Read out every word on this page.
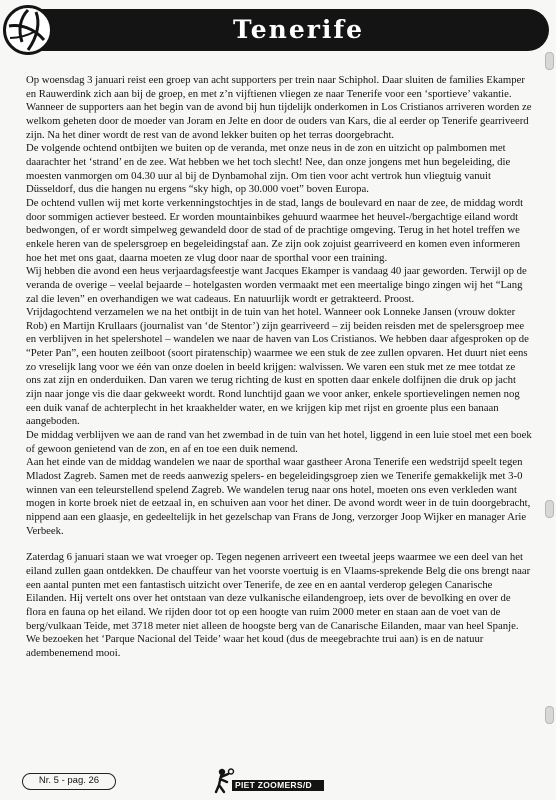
Tenerife

Op woensdag 3 januari reist een groep van acht supporters per trein naar Schiphol. Daar sluiten de families Ekamper en Rauwerdink zich aan bij de groep, en met z’n vijftienen vliegen ze naar Tenerife voor een ‘sportieve’ vakantie. Wanneer de supporters aan het begin van de avond bij hun tijdelijk onderkomen in Los Cristianos arriveren worden ze welkom geheten door de moeder van Joram en Jelte en door de ouders van Kars, die al eerder op Tenerife gearriveerd zijn. Na het diner wordt de rest van de avond lekker buiten op het terras doorgebracht.

De volgende ochtend ontbijten we buiten op de veranda, met onze neus in de zon en uitzicht op palmbomen met daarachter het ‘strand’ en de zee. Wat hebben we het toch slecht! Nee, dan onze jongens met hun begeleiding, die moesten vanmorgen om 04.30 uur al bij de Dynbamohal zijn. Om tien voor acht vertrok hun vliegtuig vanuit Düsseldorf, dus die hangen nu ergens “sky high, op 30.000 voet” boven Europa.

De ochtend vullen wij met korte verkenningstochtjes in de stad, langs de boulevard en naar de zee, de middag wordt door sommigen actiever besteed. Er worden mountainbikes gehuurd waarmee het heuvel-/bergachtige eiland wordt bedwongen, of er wordt simpelweg gewandeld door de stad of de prachtige omgeving. Terug in het hotel treffen we enkele heren van de spelersgroep en begeleidingstaf aan. Ze zijn ook zojuist gearriveerd en komen even informeren hoe het met ons gaat, daarna moeten ze vlug door naar de sporthal voor een training.

Wij hebben die avond een heus verjaardagsfeestje want Jacques Ekamper is vandaag 40 jaar geworden. Terwijl op de veranda de overige – veelal bejaarde – hotelgasten worden vermaakt met een meertalige bingo zingen wij het “Lang zal die leven” en overhandigen we wat cadeaus. En natuurlijk wordt er getrakteerd. Proost.

Vrijdagochtend verzamelen we na het ontbijt in de tuin van het hotel. Wanneer ook Lonneke Jansen (vrouw dokter Rob) en Martijn Krullaars (journalist van ‘de Stentor’) zijn gearriveerd – zij beiden reisden met de spelersgroep mee en verblijven in het spelershotel – wandelen we naar de haven van Los Cristianos. We hebben daar afgesproken op de “Peter Pan”, een houten zeilboot (soort piratenschip) waarmee we een stuk de zee zullen opvaren. Het duurt niet eens zo vreselijk lang voor we één van onze doelen in beeld krijgen: walvissen. We varen een stuk met ze mee totdat ze ons zat zijn en onderduiken. Dan varen we terug richting de kust en spotten daar enkele dolfijnen die druk op jacht zijn naar jonge vis die daar gekweekt wordt. Rond lunchtijd gaan we voor anker, enkele sportievelingen nemen nog een duik vanaf de achterplecht in het kraakhelder water, en we krijgen kip met rijst en groente plus een banaan aangeboden.

De middag verblijven we aan de rand van het zwembad in de tuin van het hotel, liggend in een luie stoel met een boek of gewoon genietend van de zon, en af en toe een duik nemend.

Aan het einde van de middag wandelen we naar de sporthal waar gastheer Arona Tenerife een wedstrijd speelt tegen Mladost Zagreb. Samen met de reeds aanwezig spelers- en begeleidingsgroep zien we Tenerife gemakkelijk met 3-0 winnen van een teleurstellend spelend Zagreb. We wandelen terug naar ons hotel, moeten ons even verkleden want mogen in korte broek niet de eetzaal in, en schuiven aan voor het diner. De avond wordt weer in de tuin doorgebracht, nippend aan een glaasje, en gedeeltelijk in het gezelschap van Frans de Jong, verzorger Joop Wijker en manager Arie Verbeek.

Zaterdag 6 januari staan we wat vroeger op. Tegen negenen arriveert een tweetal jeeps waarmee we een deel van het eiland zullen gaan ontdekken. De chauffeur van het voorste voertuig is en Vlaams-sprekende Belg die ons brengt naar een aantal punten met een fantastisch uitzicht over Tenerife, de zee en en aantal verderop gelegen Canarische Eilanden. Hij vertelt ons over het ontstaan van deze vulkanische eilandengroep, iets over de bevolking en over de flora en fauna op het eiland. We rijden door tot op een hoogte van ruim 2000 meter en staan aan de voet van de berg/vulkaan Teide, met 3718 meter niet alleen de hoogste berg van de Canarische Eilanden, maar van heel Spanje. We bezoeken het ‘Parque Nacional del Teide’ waar het koud (dus de meegebrachte trui aan) is en de natuur adembenemend mooi.

Nr. 5 - pag. 26	PIET ZOOMERS/D
